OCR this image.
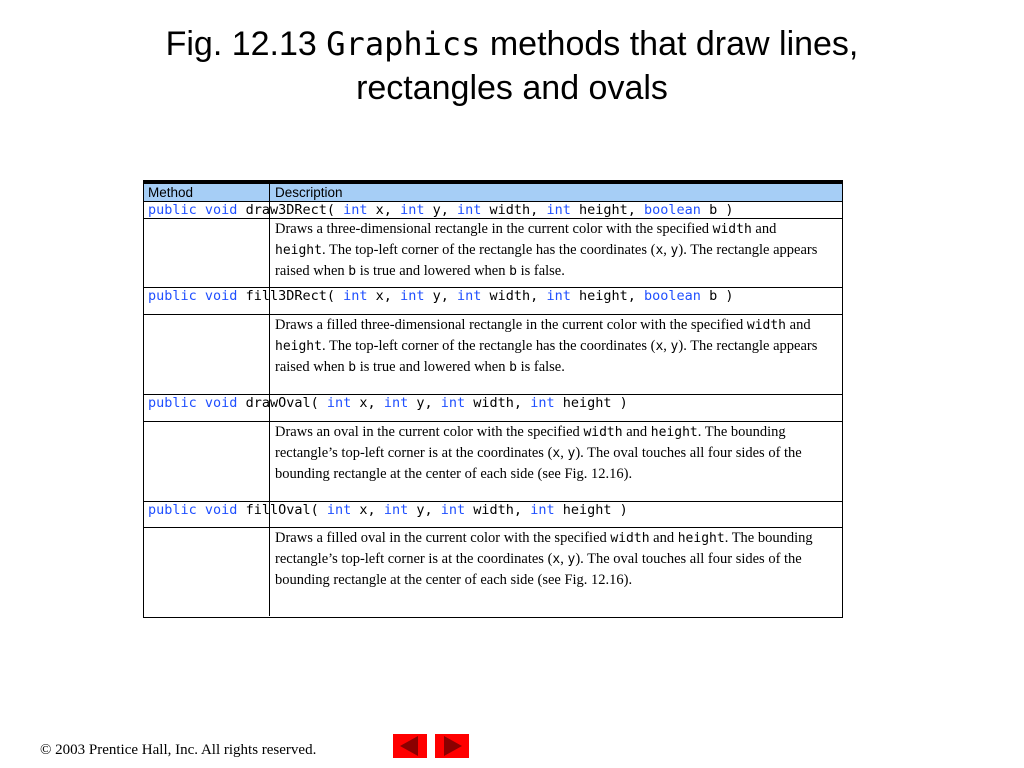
Fig. 12.13 Graphics methods that draw lines,
rectangles and ovals
Method	Description
public void draw3DRect( int x, int y, int width, int height, boolean b )
Draws a three-dimensional rectangle in the current color with the specified width and height. The top-left corner of the rectangle has the coordinates (x, y). The rectangle appears raised when b is true and lowered when b is false.
public void fill3DRect( int x, int y, int width, int height, boolean b )
Draws a filled three-dimensional rectangle in the current color with the specified width and height. The top-left corner of the rectangle has the coordinates (x, y). The rectangle appears raised when b is true and lowered when b is false.
public void drawOval( int x, int y, int width, int height )
Draws an oval in the current color with the specified width and height. The bounding rectangle’s top-left corner is at the coordinates (x, y). The oval touches all four sides of the bounding rectangle at the center of each side (see Fig. 12.16).
public void fillOval( int x, int y, int width, int height )
Draws a filled oval in the current color with the specified width and height. The bounding rectangle’s top-left corner is at the coordinates (x, y). The oval touches all four sides of the bounding rectangle at the center of each side (see Fig. 12.16).
© 2003 Prentice Hall, Inc. All rights reserved.
